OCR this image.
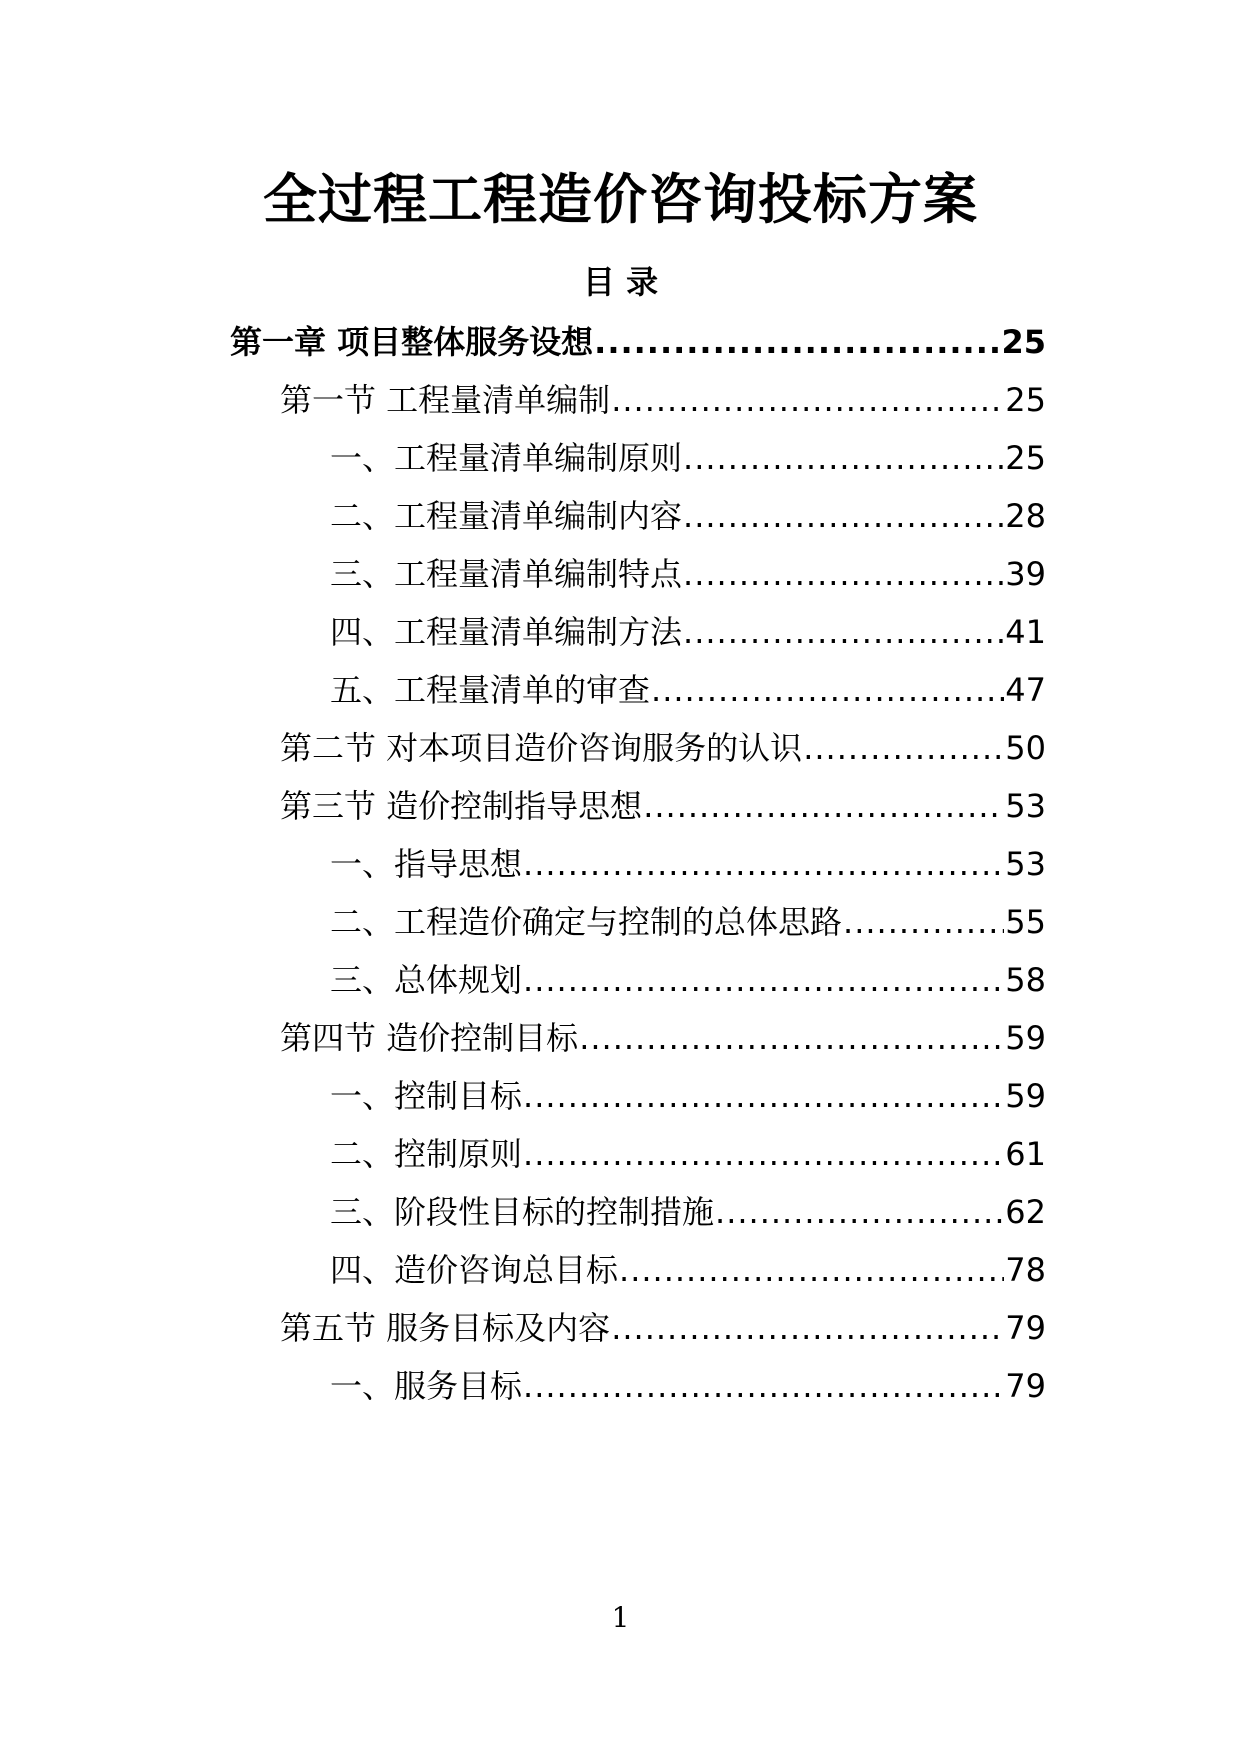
全过程工程造价咨询投标方案
目 录
第一章 项目整体服务设想 .....	25
第一节 工程量清单编制 .....	25
一、工程量清单编制原则 .....	25
二、工程量清单编制内容 .....	28
三、工程量清单编制特点 .....	39
四、工程量清单编制方法 .....	41
五、工程量清单的审查 .....	47
第二节 对本项目造价咨询服务的认识 .....	50
第三节 造价控制指导思想 .....	53
一、指导思想 .....	53
二、工程造价确定与控制的总体思路 .....	55
三、总体规划 .....	58
第四节 造价控制目标 .....	59
一、控制目标 .....	59
二、控制原则 .....	61
三、阶段性目标的控制措施 .....	62
四、造价咨询总目标 .....	78
第五节 服务目标及内容 .....	79
一、服务目标 .....	79
1
